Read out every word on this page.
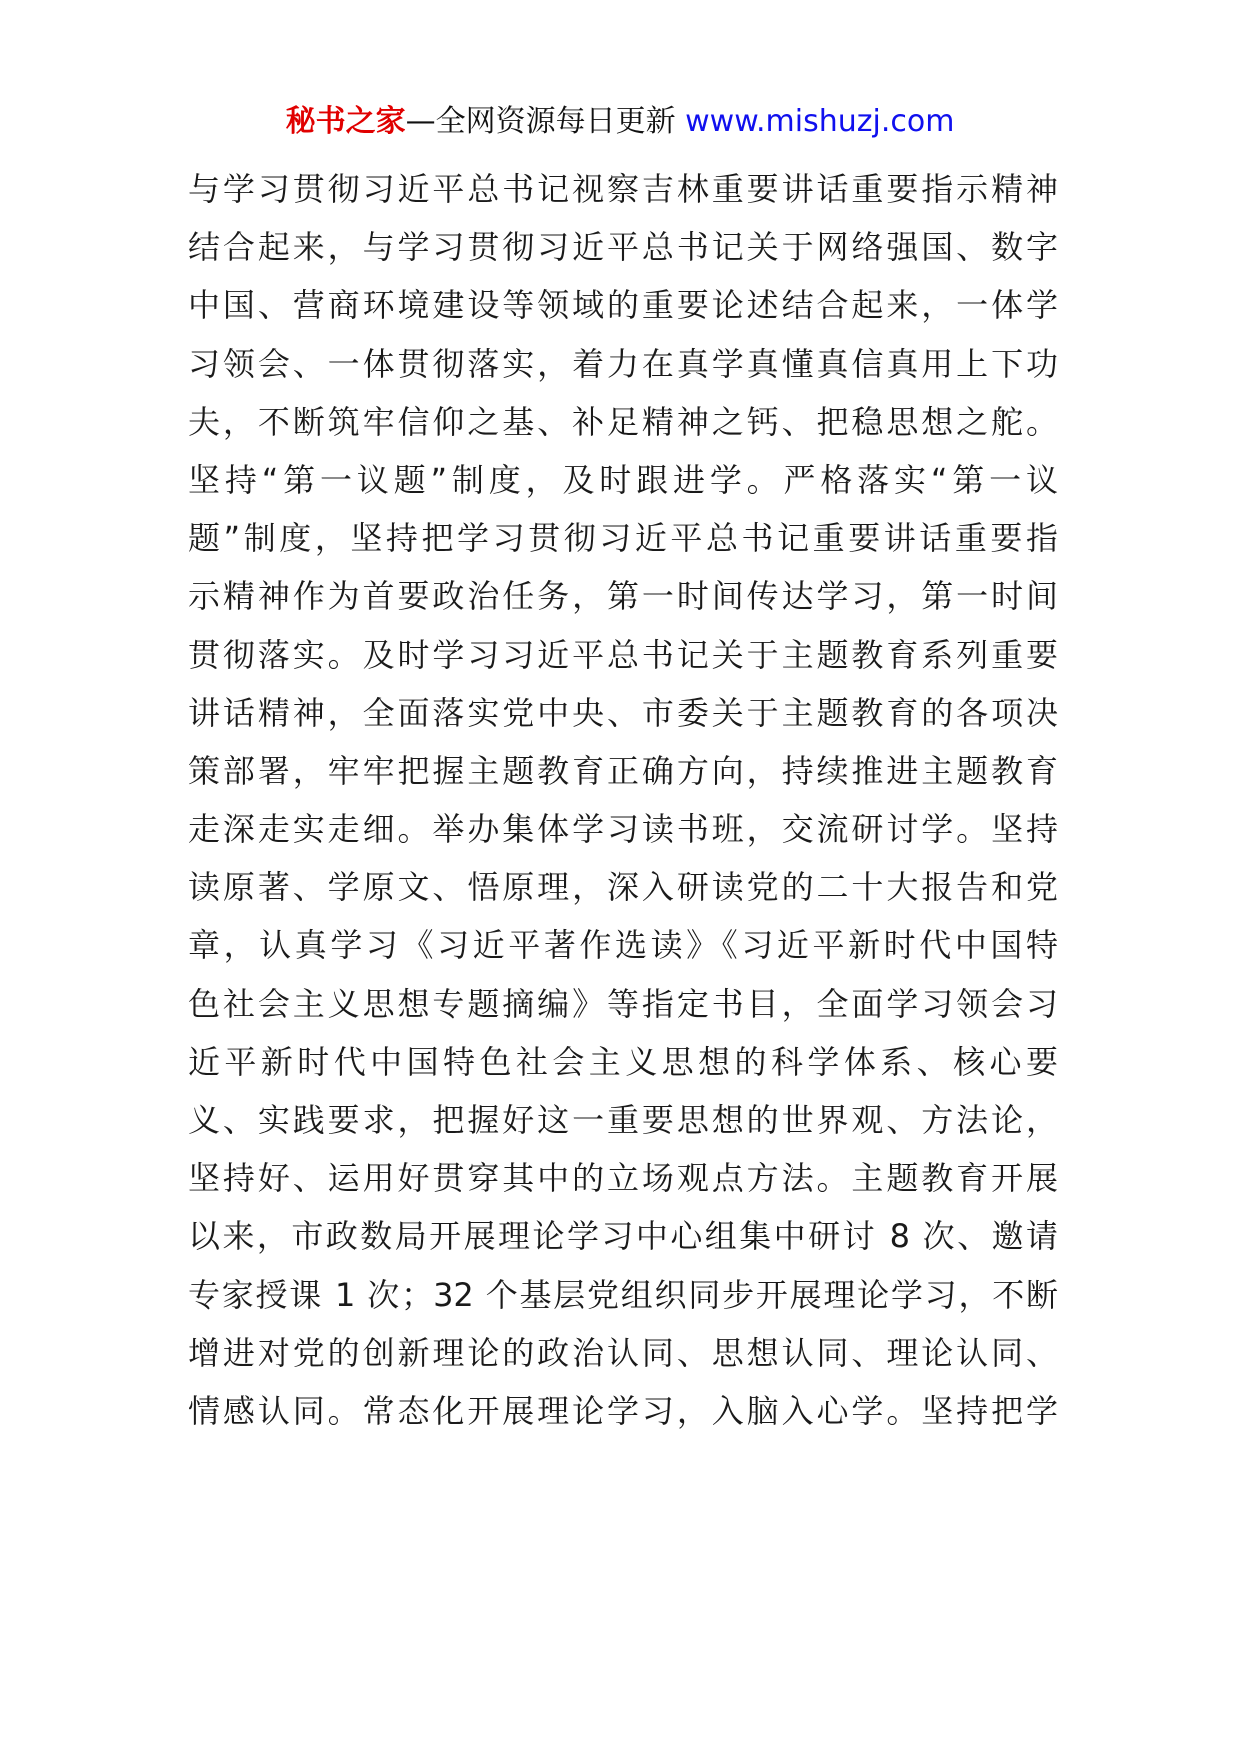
秘书之家—全网资源每日更新 www.mishuzj.com
与学习贯彻习近平总书记视察吉林重要讲话重要指示精神
结合起来，与学习贯彻习近平总书记关于网络强国、数字
中国、营商环境建设等领域的重要论述结合起来，一体学
习领会、一体贯彻落实，着力在真学真懂真信真用上下功
夫，不断筑牢信仰之基、补足精神之钙、把稳思想之舵。
坚持“第一议题”制度，及时跟进学。严格落实“第一议
题”制度，坚持把学习贯彻习近平总书记重要讲话重要指
示精神作为首要政治任务，第一时间传达学习，第一时间
贯彻落实。及时学习习近平总书记关于主题教育系列重要
讲话精神，全面落实党中央、市委关于主题教育的各项决
策部署，牢牢把握主题教育正确方向，持续推进主题教育
走深走实走细。举办集体学习读书班，交流研讨学。坚持
读原著、学原文、悟原理，深入研读党的二十大报告和党
章，认真学习《习近平著作选读》《习近平新时代中国特
色社会主义思想专题摘编》等指定书目，全面学习领会习
近平新时代中国特色社会主义思想的科学体系、核心要
义、实践要求，把握好这一重要思想的世界观、方法论，
坚持好、运用好贯穿其中的立场观点方法。主题教育开展
以来，市政数局开展理论学习中心组集中研讨 8 次、邀请
专家授课 1 次；32 个基层党组织同步开展理论学习，不断
增进对党的创新理论的政治认同、思想认同、理论认同、
情感认同。常态化开展理论学习，入脑入心学。坚持把学
